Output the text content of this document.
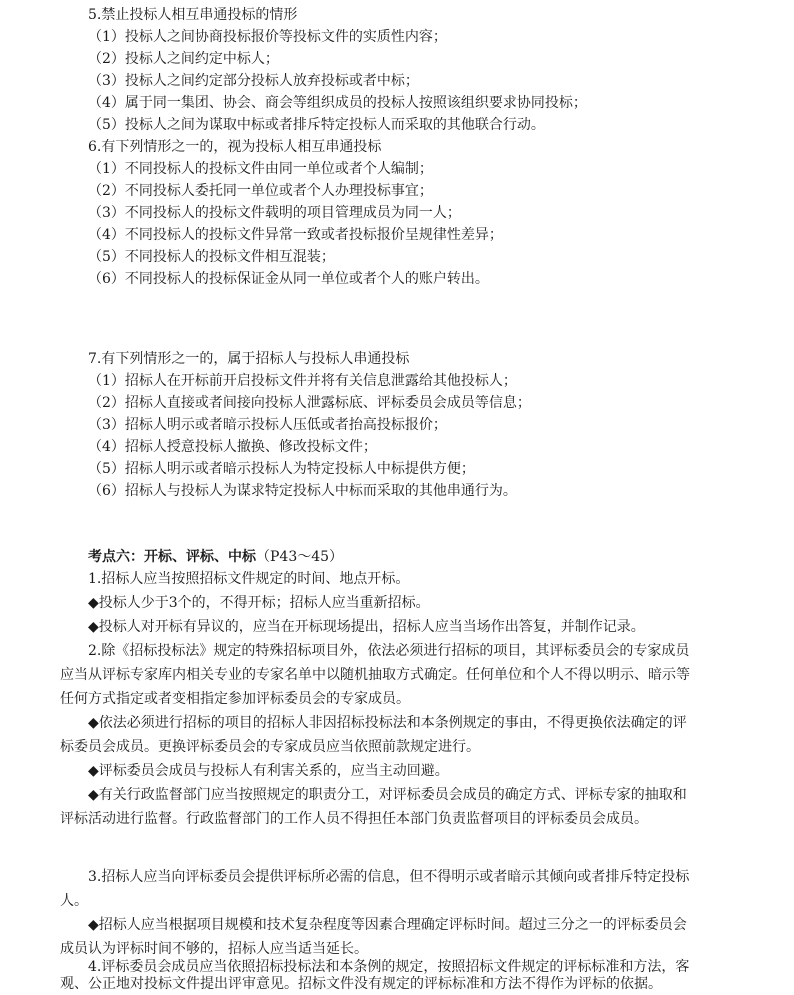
5.禁止投标人相互串通投标的情形
（1）投标人之间协商投标报价等投标文件的实质性内容；
（2）投标人之间约定中标人；
（3）投标人之间约定部分投标人放弃投标或者中标；
（4）属于同一集团、协会、商会等组织成员的投标人按照该组织要求协同投标；
（5）投标人之间为谋取中标或者排斥特定投标人而采取的其他联合行动。
6.有下列情形之一的，视为投标人相互串通投标
（1）不同投标人的投标文件由同一单位或者个人编制；
（2）不同投标人委托同一单位或者个人办理投标事宜；
（3）不同投标人的投标文件载明的项目管理成员为同一人；
（4）不同投标人的投标文件异常一致或者投标报价呈规律性差异；
（5）不同投标人的投标文件相互混装；
（6）不同投标人的投标保证金从同一单位或者个人的账户转出。
7.有下列情形之一的，属于招标人与投标人串通投标
（1）招标人在开标前开启投标文件并将有关信息泄露给其他投标人；
（2）招标人直接或者间接向投标人泄露标底、评标委员会成员等信息；
（3）招标人明示或者暗示投标人压低或者抬高投标报价；
（4）招标人授意投标人撤换、修改投标文件；
（5）招标人明示或者暗示投标人为特定投标人中标提供方便；
（6）招标人与投标人为谋求特定投标人中标而采取的其他串通行为。
考点六：开标、评标、中标（P43～45）
1.招标人应当按照招标文件规定的时间、地点开标。
◆投标人少于3个的，不得开标；招标人应当重新招标。
◆投标人对开标有异议的，应当在开标现场提出，招标人应当当场作出答复，并制作记录。
2.除《招标投标法》规定的特殊招标项目外，依法必须进行招标的项目，其评标委员会的专家成员
应当从评标专家库内相关专业的专家名单中以随机抽取方式确定。任何单位和个人不得以明示、暗示等
任何方式指定或者变相指定参加评标委员会的专家成员。
◆依法必须进行招标的项目的招标人非因招标投标法和本条例规定的事由，不得更换依法确定的评
标委员会成员。更换评标委员会的专家成员应当依照前款规定进行。
◆评标委员会成员与投标人有利害关系的，应当主动回避。
◆有关行政监督部门应当按照规定的职责分工，对评标委员会成员的确定方式、评标专家的抽取和
评标活动进行监督。行政监督部门的工作人员不得担任本部门负责监督项目的评标委员会成员。
3.招标人应当向评标委员会提供评标所必需的信息，但不得明示或者暗示其倾向或者排斥特定投标
人。
◆招标人应当根据项目规模和技术复杂程度等因素合理确定评标时间。超过三分之一的评标委员会
成员认为评标时间不够的，招标人应当适当延长。
4.评标委员会成员应当依照招标投标法和本条例的规定，按照招标文件规定的评标标准和方法，客
观、公正地对投标文件提出评审意见。招标文件没有规定的评标标准和方法不得作为评标的依据。
